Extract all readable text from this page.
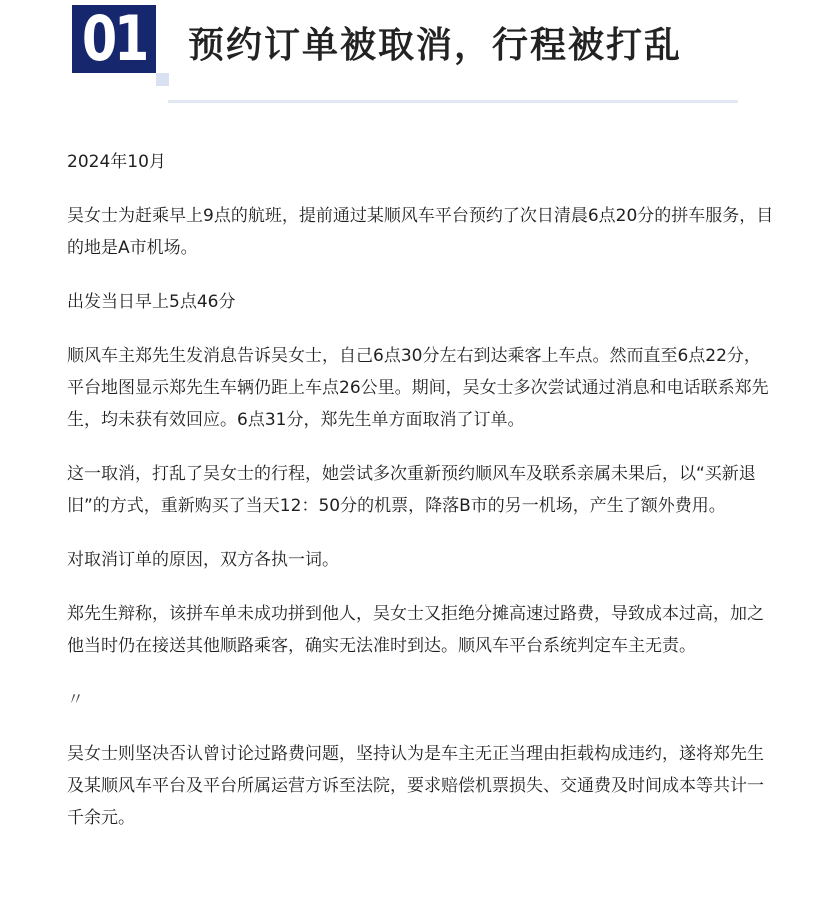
01 预约订单被取消，行程被打乱

2024年10月

吴女士为赶乘早上9点的航班，提前通过某顺风车平台预约了次日清晨6点20分的拼车服务，目的地是A市机场。

出发当日早上5点46分

顺风车主郑先生发消息告诉吴女士，自己6点30分左右到达乘客上车点。然而直至6点22分，平台地图显示郑先生车辆仍距上车点26公里。期间，吴女士多次尝试通过消息和电话联系郑先生，均未获有效回应。6点31分，郑先生单方面取消了订单。

这一取消，打乱了吴女士的行程，她尝试多次重新预约顺风车及联系亲属未果后，以“买新退旧”的方式，重新购买了当天12：50分的机票，降落B市的另一机场，产生了额外费用。

对取消订单的原因，双方各执一词。

郑先生辩称，该拼车单未成功拼到他人，吴女士又拒绝分摊高速过路费，导致成本过高，加之他当时仍在接送其他顺路乘客，确实无法准时到达。顺风车平台系统判定车主无责。

〃

吴女士则坚决否认曾讨论过路费问题，坚持认为是车主无正当理由拒载构成违约，遂将郑先生及某顺风车平台及平台所属运营方诉至法院，要求赔偿机票损失、交通费及时间成本等共计一千余元。
